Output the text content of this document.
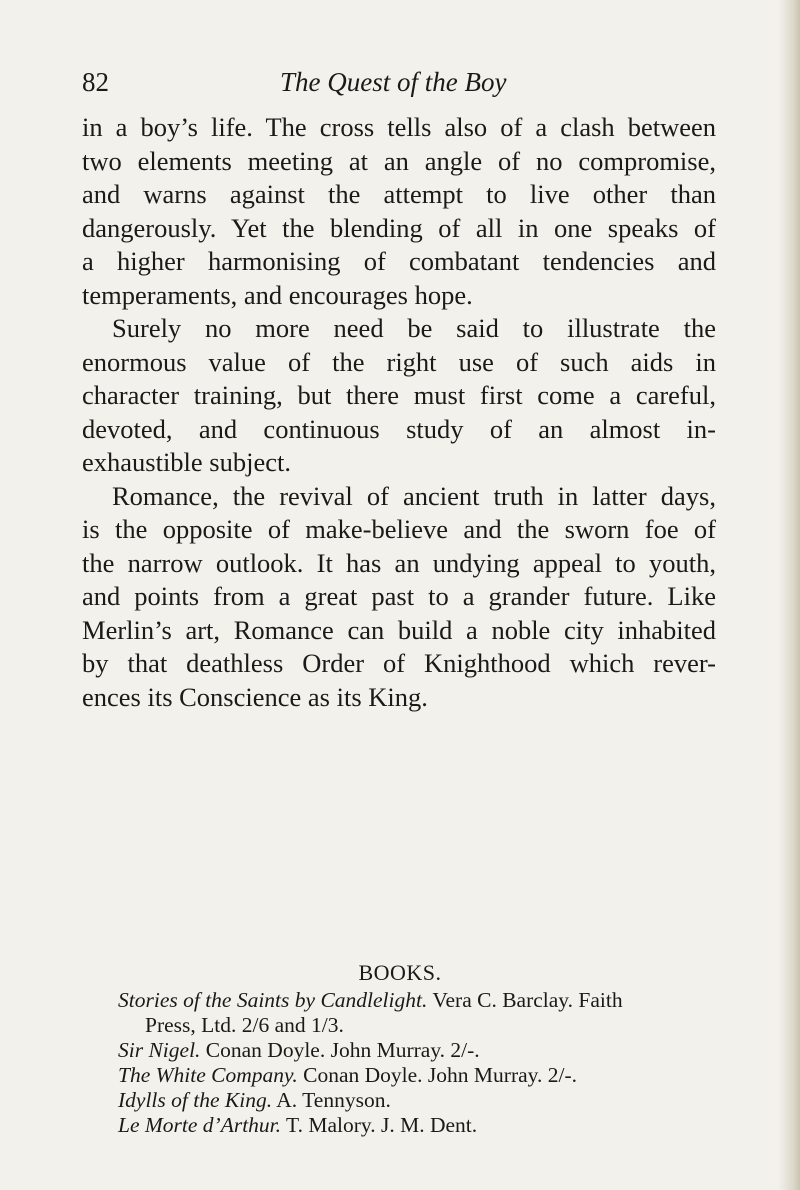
82	The Quest of the Boy
in a boy’s life. The cross tells also of a clash between
two elements meeting at an angle of no compromise,
and warns against the attempt to live other than
dangerously. Yet the blending of all in one speaks of
a higher harmonising of combatant tendencies and
temperaments, and encourages hope.
Surely no more need be said to illustrate the
enormous value of the right use of such aids in
character training, but there must first come a careful,
devoted, and continuous study of an almost in-
exhaustible subject.
Romance, the revival of ancient truth in latter days,
is the opposite of make-believe and the sworn foe of
the narrow outlook. It has an undying appeal to youth,
and points from a great past to a grander future. Like
Merlin’s art, Romance can build a noble city inhabited
by that deathless Order of Knighthood which rever-
ences its Conscience as its King.
BOOKS.
Stories of the Saints by Candlelight. Vera C. Barclay. Faith
Press, Ltd. 2/6 and 1/3.
Sir Nigel. Conan Doyle. John Murray. 2/-.
The White Company. Conan Doyle. John Murray. 2/-.
Idylls of the King. A. Tennyson.
Le Morte d’Arthur. T. Malory. J. M. Dent.
